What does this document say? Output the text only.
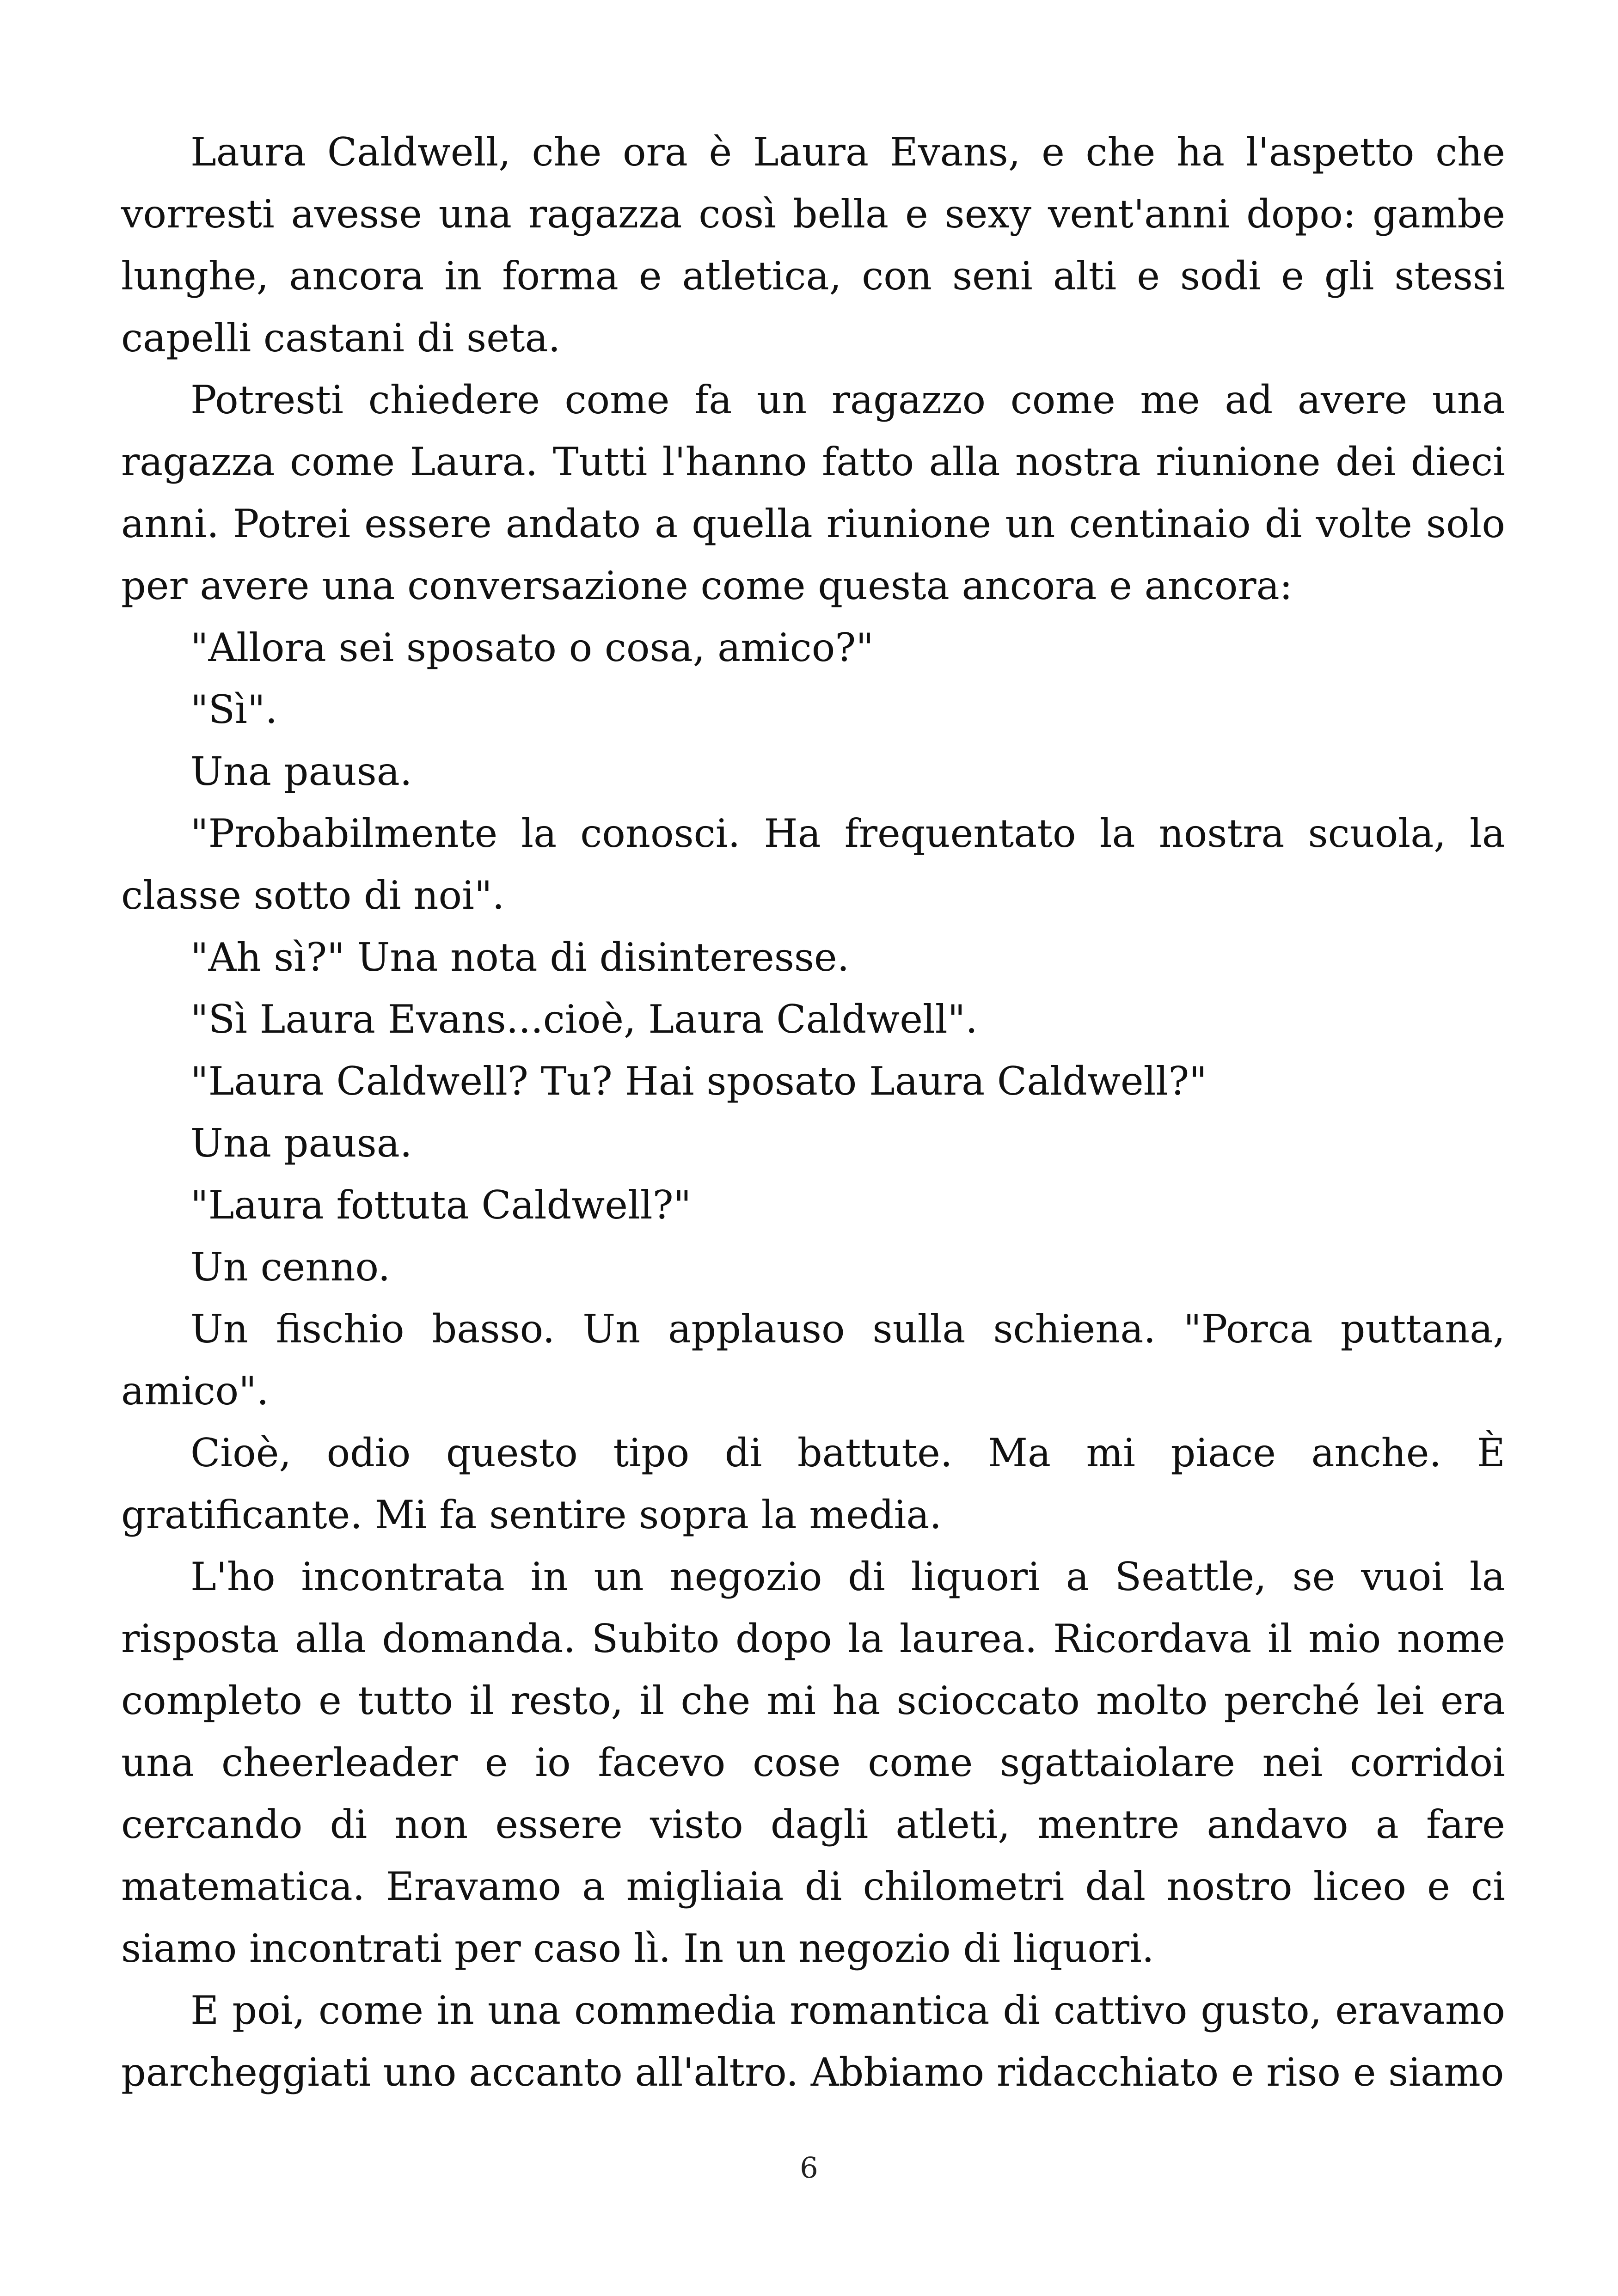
Laura Caldwell, che ora è Laura Evans, e che ha l'aspetto che vorresti avesse una ragazza così bella e sexy vent'anni dopo: gambe lunghe, ancora in forma e atletica, con seni alti e sodi e gli stessi capelli castani di seta.

Potresti chiedere come fa un ragazzo come me ad avere una ragazza come Laura. Tutti l'hanno fatto alla nostra riunione dei dieci anni. Potrei essere andato a quella riunione un centinaio di volte solo per avere una conversazione come questa ancora e ancora:

"Allora sei sposato o cosa, amico?"

"Sì".

Una pausa.

"Probabilmente la conosci. Ha frequentato la nostra scuola, la classe sotto di noi".

"Ah sì?" Una nota di disinteresse.

"Sì Laura Evans...cioè, Laura Caldwell".

"Laura Caldwell? Tu? Hai sposato Laura Caldwell?"

Una pausa.

"Laura fottuta Caldwell?"

Un cenno.

Un fischio basso. Un applauso sulla schiena. "Porca puttana, amico".

Cioè, odio questo tipo di battute. Ma mi piace anche. È gratificante. Mi fa sentire sopra la media.

L'ho incontrata in un negozio di liquori a Seattle, se vuoi la risposta alla domanda. Subito dopo la laurea. Ricordava il mio nome completo e tutto il resto, il che mi ha scioccato molto perché lei era una cheerleader e io facevo cose come sgattaiolare nei corridoi cercando di non essere visto dagli atleti, mentre andavo a fare matematica. Eravamo a migliaia di chilometri dal nostro liceo e ci siamo incontrati per caso lì. In un negozio di liquori.

E poi, come in una commedia romantica di cattivo gusto, eravamo parcheggiati uno accanto all'altro. Abbiamo ridacchiato e riso e siamo

6
